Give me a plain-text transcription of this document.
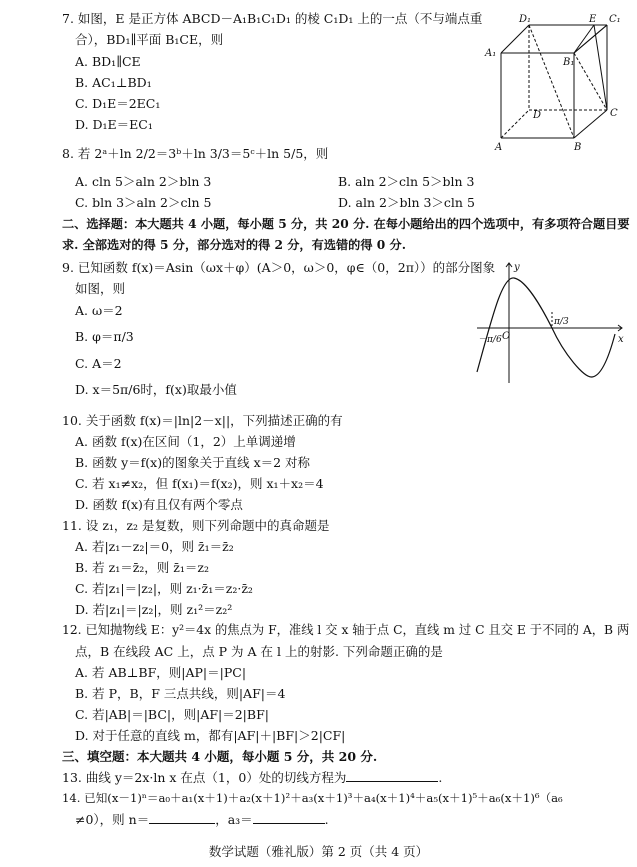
7. 如图，E 是正方体 ABCD－A₁B₁C₁D₁ 的棱 C₁D₁ 上的一点（不与端点重
合），BD₁∥平面 B₁CE，则
A. BD₁∥CE
B. AC₁⊥BD₁
C. D₁E＝2EC₁
D. D₁E＝EC₁
D₁	C₁
A₁
B₁
E
D	C
A	B
8. 若 2ᵃ＋ln 2/2＝3ᵇ＋ln 3/3＝5ᶜ＋ln 5/5，则
A. cln 5＞aln 2＞bln 3	B. aln 2＞cln 5＞bln 3
C. bln 3＞aln 2＞cln 5	D. aln 2＞bln 3＞cln 5
二、选择题：本大题共 4 小题，每小题 5 分，共 20 分. 在每小题给出的四个选项中，有多项符合题目要
求. 全部选对的得 5 分，部分选对的得 2 分，有选错的得 0 分.
9. 已知函数 f(x)＝Asin（ωx＋φ）(A＞0，ω＞0，φ∈（0，2π））的部分图象
如图，则
A. ω＝2
B. φ＝π/3
C. A＝2
D. x＝5π/6时，f(x)取最小值
y
x
O
－π/6
π/3
10. 关于函数 f(x)＝|ln|2－x||，下列描述正确的有
A. 函数 f(x)在区间（1，2）上单调递增
B. 函数 y＝f(x)的图象关于直线 x＝2 对称
C. 若 x₁≠x₂，但 f(x₁)＝f(x₂)，则 x₁＋x₂＝4
D. 函数 f(x)有且仅有两个零点
11. 设 z₁，z₂ 是复数，则下列命题中的真命题是
A. 若|z₁－z₂|＝0，则 z̄₁＝z̄₂
B. 若 z₁＝z̄₂，则 z̄₁＝z₂
C. 若|z₁|＝|z₂|，则 z₁·z̄₁＝z₂·z̄₂
D. 若|z₁|＝|z₂|，则 z₁²＝z₂²
12. 已知抛物线 E：y²＝4x 的焦点为 F，准线 l 交 x 轴于点 C，直线 m 过 C 且交 E 于不同的 A，B 两
点，B 在线段 AC 上，点 P 为 A 在 l 上的射影. 下列命题正确的是
A. 若 AB⊥BF，则|AP|＝|PC|
B. 若 P，B，F 三点共线，则|AF|＝4
C. 若|AB|＝|BC|，则|AF|＝2|BF|
D. 对于任意的直线 m，都有|AF|＋|BF|＞2|CF|
三、填空题：本大题共 4 小题，每小题 5 分，共 20 分.
13. 曲线 y＝2x·ln x 在点（1，0）处的切线方程为	.
14. 已知(x－1)ⁿ＝a₀＋a₁(x＋1)＋a₂(x＋1)²＋a₃(x＋1)³＋a₄(x＋1)⁴＋a₅(x＋1)⁵＋a₆(x＋1)⁶（a₆
≠0），则 n＝	，a₃＝	.
数学试题（雅礼版）第 2 页（共 4 页）
